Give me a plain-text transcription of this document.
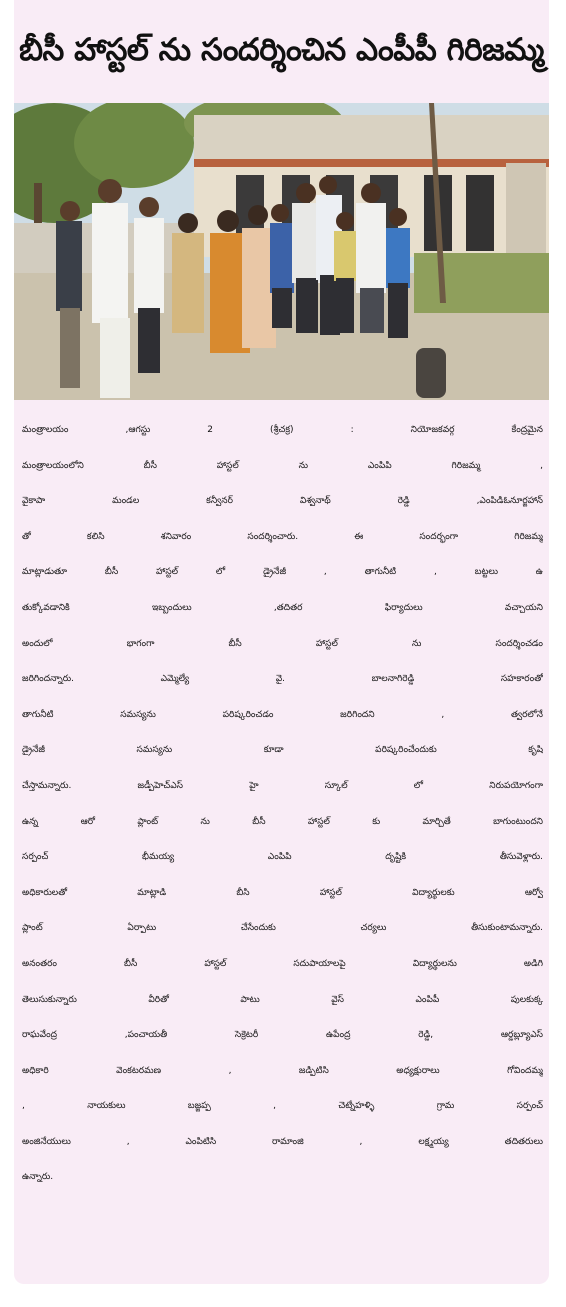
బీసీ హాస్టల్ ను సందర్శించిన ఎంపీపీ గిరిజమ్మ
మంత్రాలయం ,ఆగస్టు 2 (శ్రీచక్ర) : నియోజకవర్గ కేంద్రమైన
మంత్రాలయంలోని బీసీ హాస్టల్ ను ఎంపిపి గిరిజమ్మ ,
వైకాపా మండల కన్వీనర్ విశ్వనాథ్ రెడ్డి ,ఎంపిడిఓనూర్జహాన్
తో కలిసి శనివారం సందర్శించారు. ఈ సందర్భంగా గిరిజమ్మ
మాట్లాడుతూ బీసీ హాస్టల్ లో డ్రైనేజీ , తాగునీటి , బట్టలు ఉ
తుక్కోవడానికి ఇబ్బందులు ,తదితర ఫిర్యాదులు వచ్చాయని
అందులో భాగంగా బీసీ హాస్టల్ ను సందర్శించడం
జరిగిందన్నారు. ఎమ్మెల్యే వై. బాలనాగిరెడ్డి సహకారంతో
తాగునీటి సమస్యను పరిష్కరించడం జరిగిందని , త్వరలోనే
డ్రైనేజీ సమస్యను కూడా పరిష్కరించేందుకు కృషి
చేస్తామన్నారు. జడ్పీహెచ్ఎస్ హై స్కూల్ లో నిరుపయోగంగా
ఉన్న ఆరో ప్లాంట్ ను బీసీ హాస్టల్ కు మార్చితే బాగుంటుందని
సర్పంచ్ భీమయ్య ఎంపిపి దృష్టికి తీసువెళ్లారు.
అధికారులతో మాట్లాడి బీసి హాస్టల్ విద్యార్థులకు ఆర్వో
ప్లాంట్ ఏర్పాటు చేసేందుకు చర్యలు తీసుకుంటామన్నారు.
అనంతరం బీసీ హాస్టల్ సదుపాయాలపై విద్యార్థులను అడిగి
తెలుసుకున్నారు వీరితో పాటు వైస్ ఎంపిపీ పులకుక్క
రాఘవేంద్ర ,పంచాయతీ సెక్రెటరీ ఉపేంద్ర రెడ్డి, ఆర్డబ్ల్యూఎస్
అధికారి వెంకటరమణ , జడ్పిటిసి అధ్యక్షురాలు గోవిందమ్మ
, నాయకులు బజ్జప్ప , చెట్నేహళ్ళి గ్రామ సర్పంచ్
అంజినేయులు , ఎంపిటిసి రామాంజి , లక్ష్మయ్య తదితరులు
ఉన్నారు.
